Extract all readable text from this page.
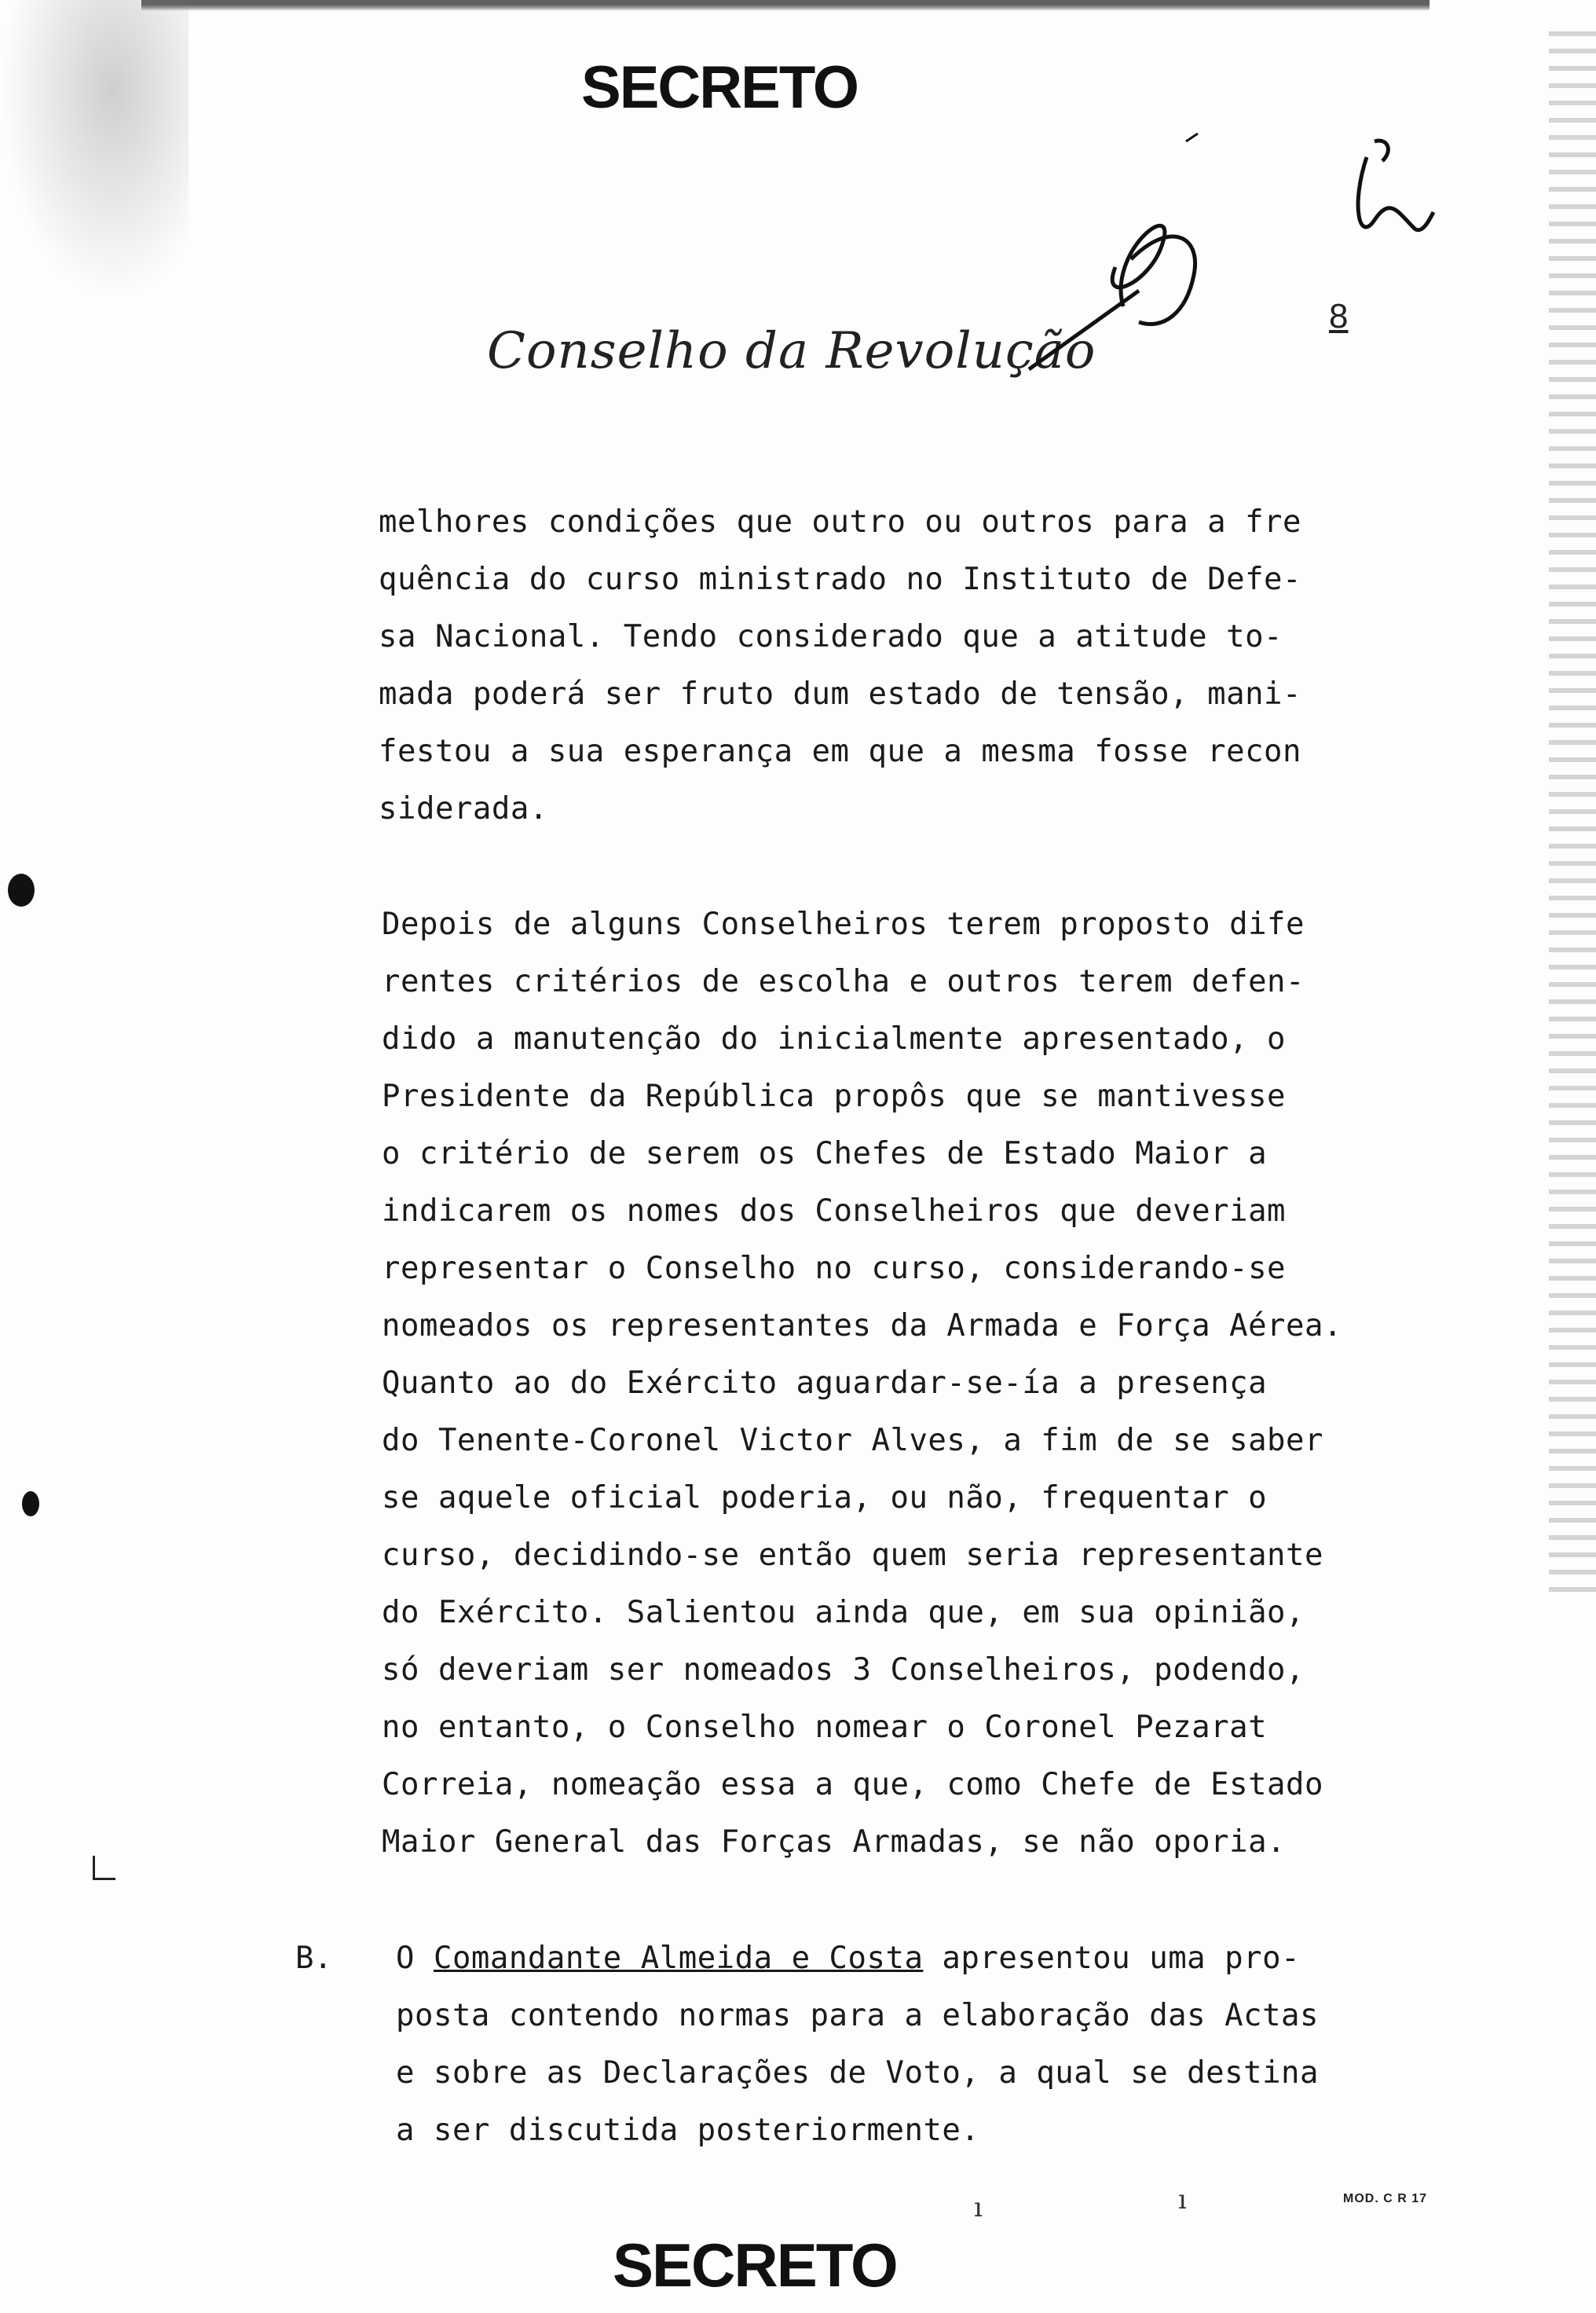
SECRETO
Conselho da Revolução
8
melhores condições que outro ou outros para a fre
quência do curso ministrado no Instituto de Defe-
sa Nacional. Tendo considerado que a atitude to-
mada poderá ser fruto dum estado de tensão, mani-
festou a sua esperança em que a mesma fosse recon
siderada.
Depois de alguns Conselheiros terem proposto dife
rentes critérios de escolha e outros terem defen-
dido a manutenção do inicialmente apresentado, o
Presidente da República propôs que se mantivesse
o critério de serem os Chefes de Estado Maior a
indicarem os nomes dos Conselheiros que deveriam
representar o Conselho no curso, considerando-se
nomeados os representantes da Armada e Força Aérea.
Quanto ao do Exército aguardar-se-ía a presença
do Tenente-Coronel Victor Alves, a fim de se saber
se aquele oficial poderia, ou não, frequentar o
curso, decidindo-se então quem seria representante
do Exército. Salientou ainda que, em sua opinião,
só deveriam ser nomeados 3 Conselheiros, podendo,
no entanto, o Conselho nomear o Coronel Pezarat
Correia, nomeação essa a que, como Chefe de Estado
Maior General das Forças Armadas, se não oporia.
B. O Comandante Almeida e Costa apresentou uma pro-
posta contendo normas para a elaboração das Actas
e sobre as Declarações de Voto, a qual se destina
a ser discutida posteriormente.
ı	ı	MOD. C R 17
SECRETO
